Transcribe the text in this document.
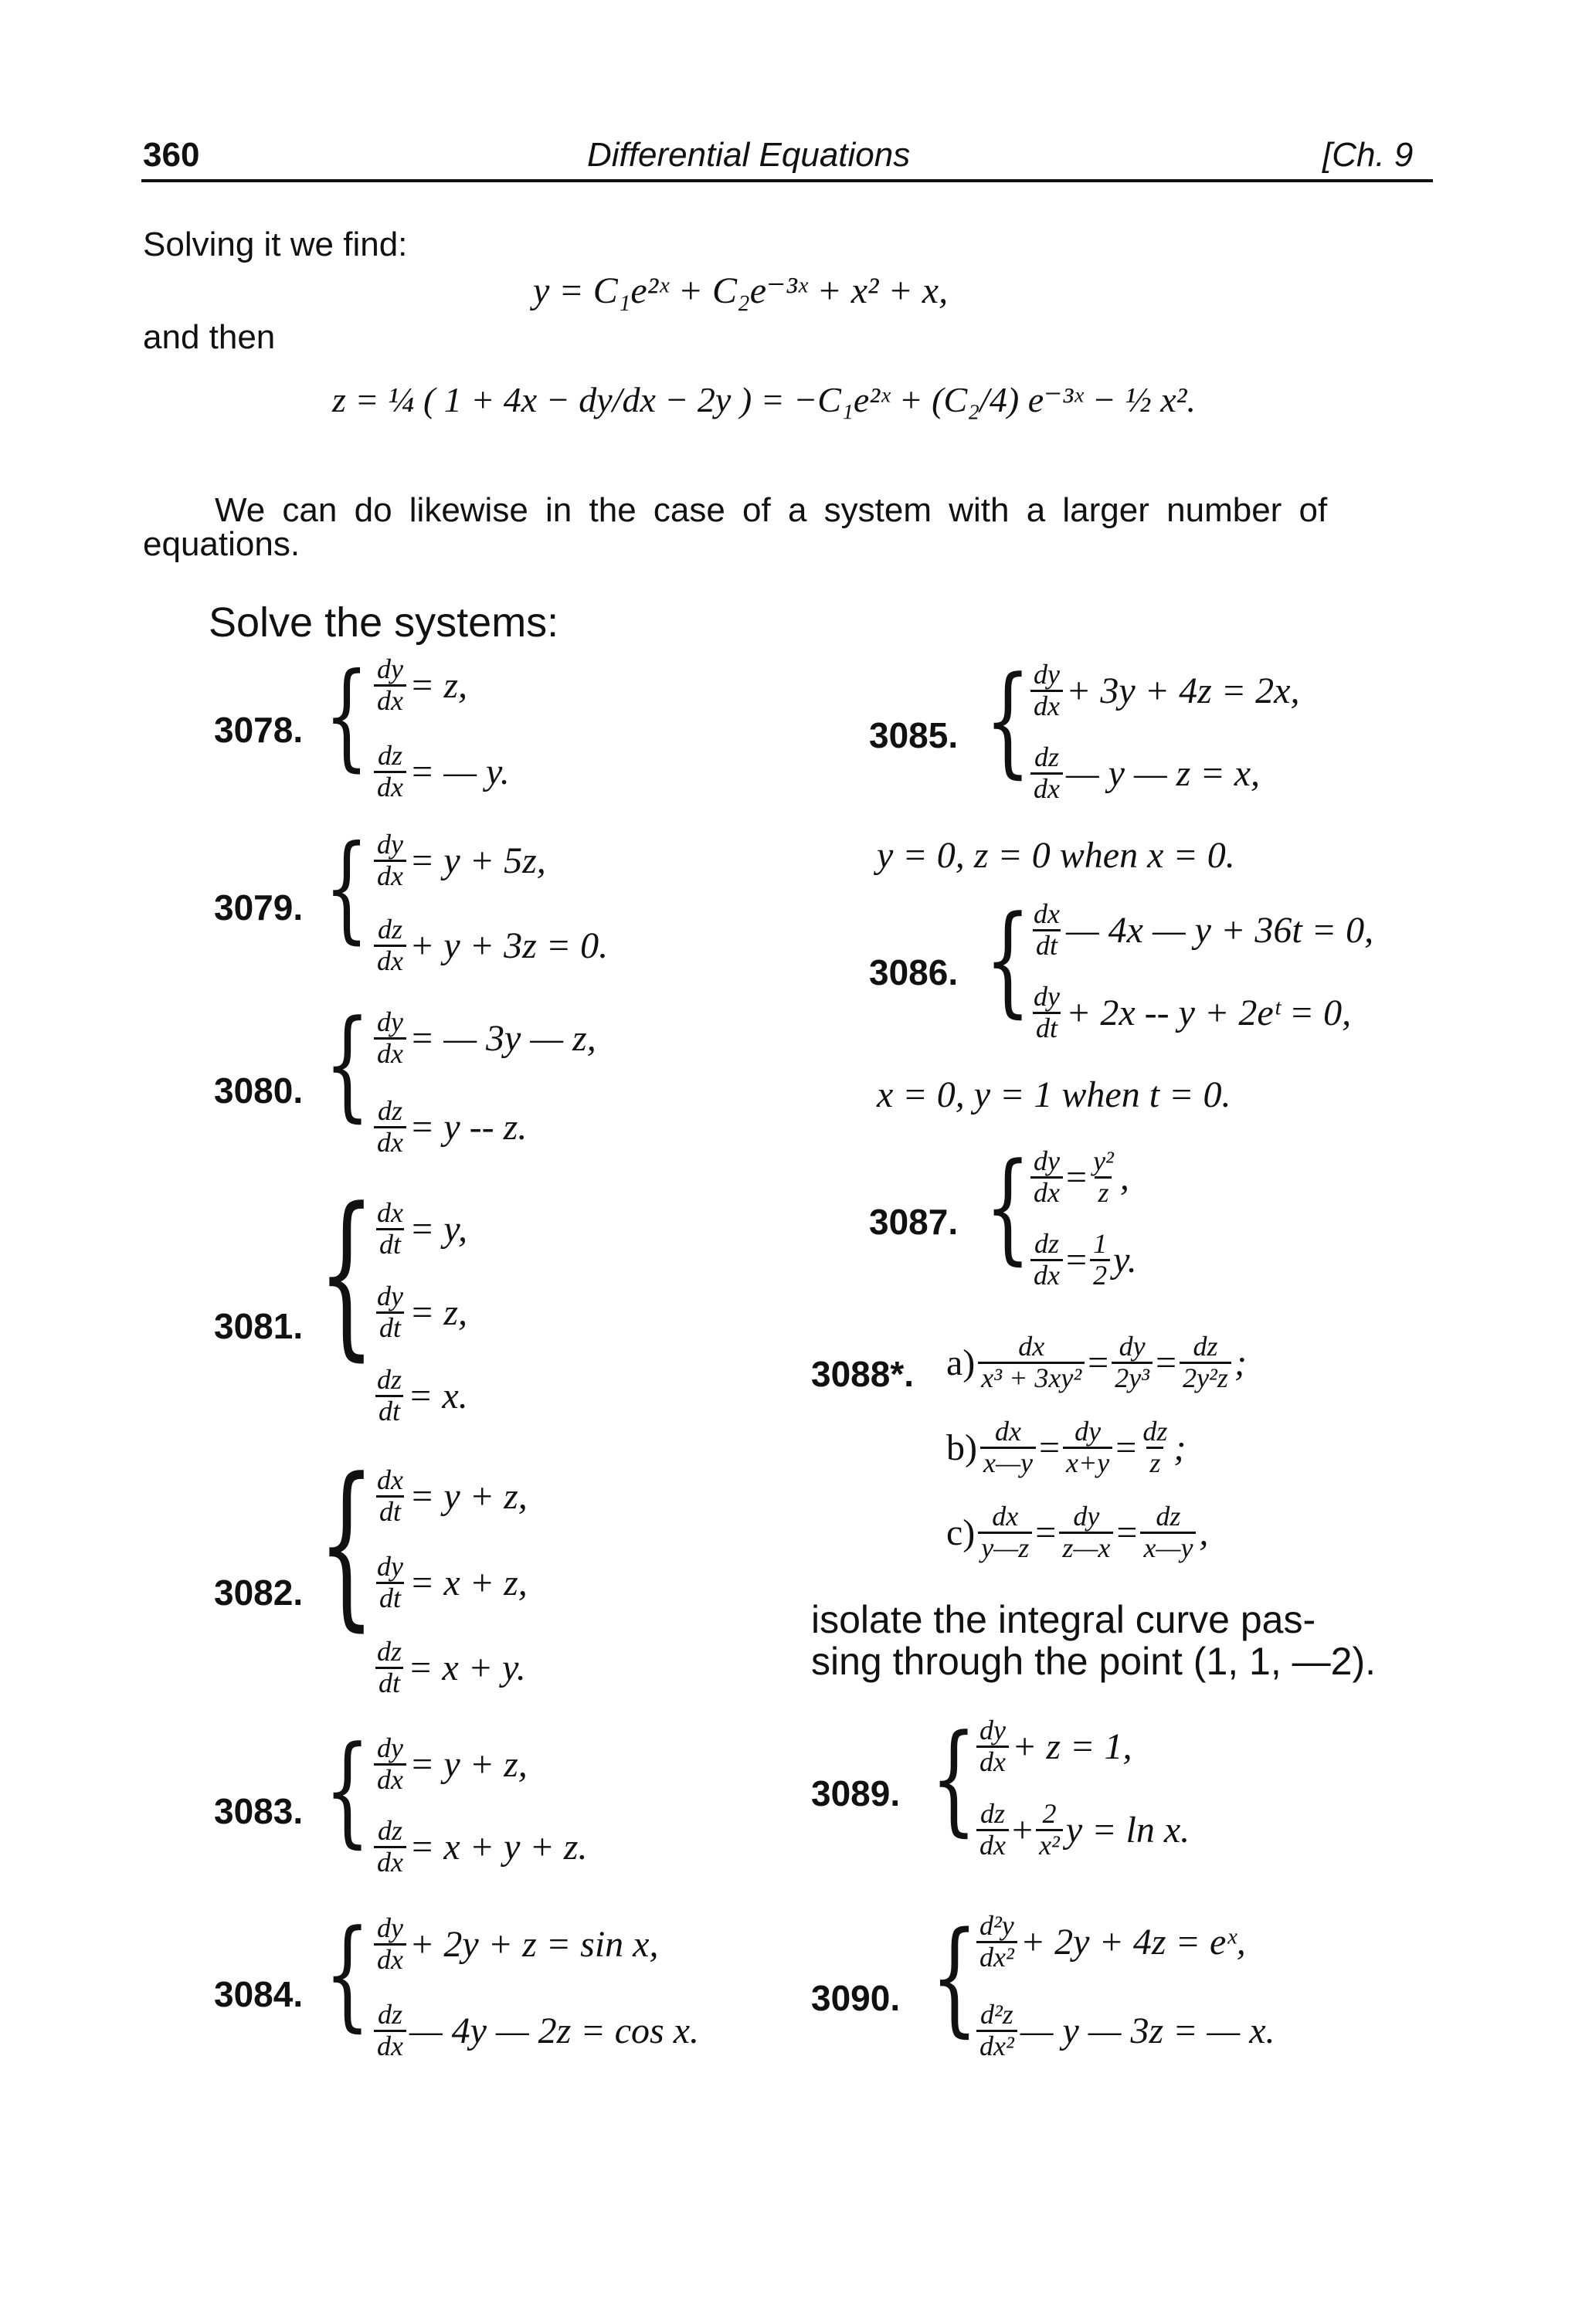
360	Differential Equations	[Ch. 9
Solving it we find:
y = C₁e²ˣ + C₂e⁻³ˣ + x² + x,
and then
z = ¼ ( 1 + 4x − dy/dx − 2y ) = −C₁e²ˣ + (C₂/4) e⁻³ˣ − ½ x².
We can do likewise in the case of a system with a larger number of
equations.
Solve the systems:
3078. { $\frac{dy}{dx} = z$,
$\frac{dz}{dx}$ = — y.
3079. { $\frac{dy}{dx} = y + 5z$,
$\frac{dz}{dx} + y + 3z = 0$.
3080. { $\frac{dy}{dx}$ = — 3y — z,
$\frac{dz}{dx} = y -- z$.
3081. {
$\frac{dx}{dt} = y$,
$\frac{dy}{dt} = z$,
$\frac{dz}{dt} = x$.
3082. {
$\frac{dx}{dt} = y + z$,
$\frac{dy}{dt} = x + z$,
$\frac{dz}{dt} = x + y$.
3083. { $\frac{dy}{dx} = y + z$,
$\frac{dz}{dx} = x + y + z$.
3084. { $\frac{dy}{dx} + 2y + z = \sin x$,
$\frac{dz}{dx}$ — 4y — 2z = cos x.
3085. { $\frac{dy}{dx} + 3y + 4z = 2x$,
$\frac{dz}{dx}$ — y — z = x,
y = 0, z = 0 when x = 0.
3086. { $\frac{dx}{dt}$ — 4x — y + 36t = 0,
$\frac{dy}{dt} + 2x -- y$ + 2eᵗ = 0,
x = 0, y = 1 when t = 0.
3087. { $\frac{dy}{dx} = \frac{\text{y²}}{z}$ ,
$\frac{dz}{dx} = \frac{1}{2} y$.
3088*. $a) \frac{dx}{\text{x³ + 3xy²}} = \frac{dy}{\text{2y³}} = \frac{dz}{\text{2y²z}}$ ;
$b) \frac{dx}{x—y} = \frac{dy}{x+y} = \frac{dz}{z}$ ;
$c) \frac{dx}{y—z} = \frac{dy}{z—x} = \frac{dz}{x—y}$ ,
isolate the integral curve pas-
sing through the point (1, 1, —2).
3089. { $\frac{dy}{dx} + z = 1$,
$\frac{dz}{dx} + \frac{2}{\text{x²}}$ y = ln x.
3090. {
$\frac{\text{d²y}}{\text{dx²}} + 2y + 4z$ = eˣ,
$\frac{\text{d²z}}{\text{dx²}}$ — y — 3z = — x.
